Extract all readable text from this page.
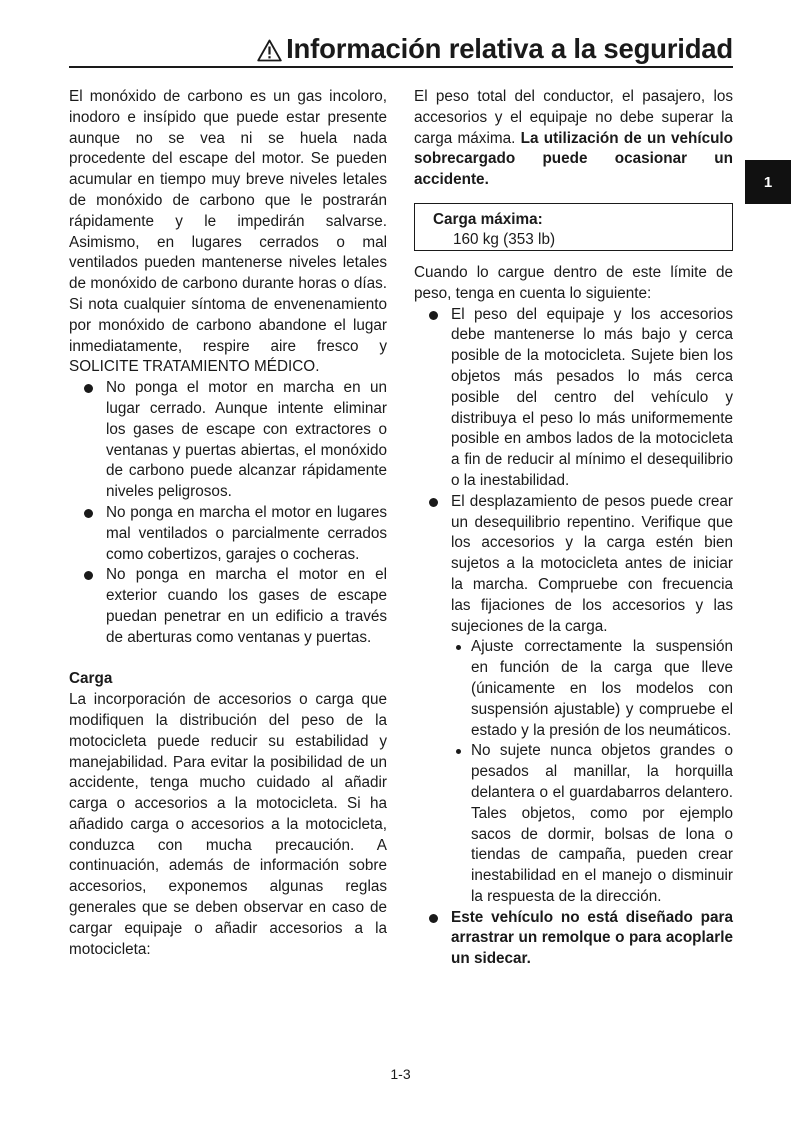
Información relativa a la seguridad
1

El monóxido de carbono es un gas incoloro, inodoro e insípido que puede estar presente aunque no se vea ni se huela nada procedente del escape del motor. Se pueden acumular en tiempo muy breve niveles letales de monóxido de carbono que le postrarán rápidamente y le impedirán salvarse. Asimismo, en lugares cerrados o mal ventilados pueden mantenerse niveles letales de monóxido de carbono durante horas o días. Si nota cualquier síntoma de envenenamiento por monóxido de carbono abandone el lugar inmediatamente, respire aire fresco y SOLICITE TRATAMIENTO MÉDICO.

No ponga el motor en marcha en un lugar cerrado. Aunque intente eliminar los gases de escape con extractores o ventanas y puertas abiertas, el monóxido de carbono puede alcanzar rápidamente niveles peligrosos.
No ponga en marcha el motor en lugares mal ventilados o parcialmente cerrados como cobertizos, garajes o cocheras.
No ponga en marcha el motor en el exterior cuando los gases de escape puedan penetrar en un edificio a través de aberturas como ventanas y puertas.

Carga

La incorporación de accesorios o carga que modifiquen la distribución del peso de la motocicleta puede reducir su estabilidad y manejabilidad. Para evitar la posibilidad de un accidente, tenga mucho cuidado al añadir carga o accesorios a la motocicleta. Si ha añadido carga o accesorios a la motocicleta, conduzca con mucha precaución. A continuación, además de información sobre accesorios, exponemos algunas reglas generales que se deben observar en caso de cargar equipaje o añadir accesorios a la motocicleta:

El peso total del conductor, el pasajero, los accesorios y el equipaje no debe superar la carga máxima. La utilización de un vehículo sobrecargado puede ocasionar un accidente.

Carga máxima:
160 kg (353 lb)

Cuando lo cargue dentro de este límite de peso, tenga en cuenta lo siguiente:

El peso del equipaje y los accesorios debe mantenerse lo más bajo y cerca posible de la motocicleta. Sujete bien los objetos más pesados lo más cerca posible del centro del vehículo y distribuya el peso lo más uniformemente posible en ambos lados de la motocicleta a fin de reducir al mínimo el desequilibrio o la inestabilidad.
El desplazamiento de pesos puede crear un desequilibrio repentino. Verifique que los accesorios y la carga estén bien sujetos a la motocicleta antes de iniciar la marcha. Compruebe con frecuencia las fijaciones de los accesorios y las sujeciones de la carga.
Ajuste correctamente la suspensión en función de la carga que lleve (únicamente en los modelos con suspensión ajustable) y compruebe el estado y la presión de los neumáticos.
No sujete nunca objetos grandes o pesados al manillar, la horquilla delantera o el guardabarros delantero. Tales objetos, como por ejemplo sacos de dormir, bolsas de lona o tiendas de campaña, pueden crear inestabilidad en el manejo o disminuir la respuesta de la dirección.
Este vehículo no está diseñado para arrastrar un remolque o para acoplarle un sidecar.
1-3
